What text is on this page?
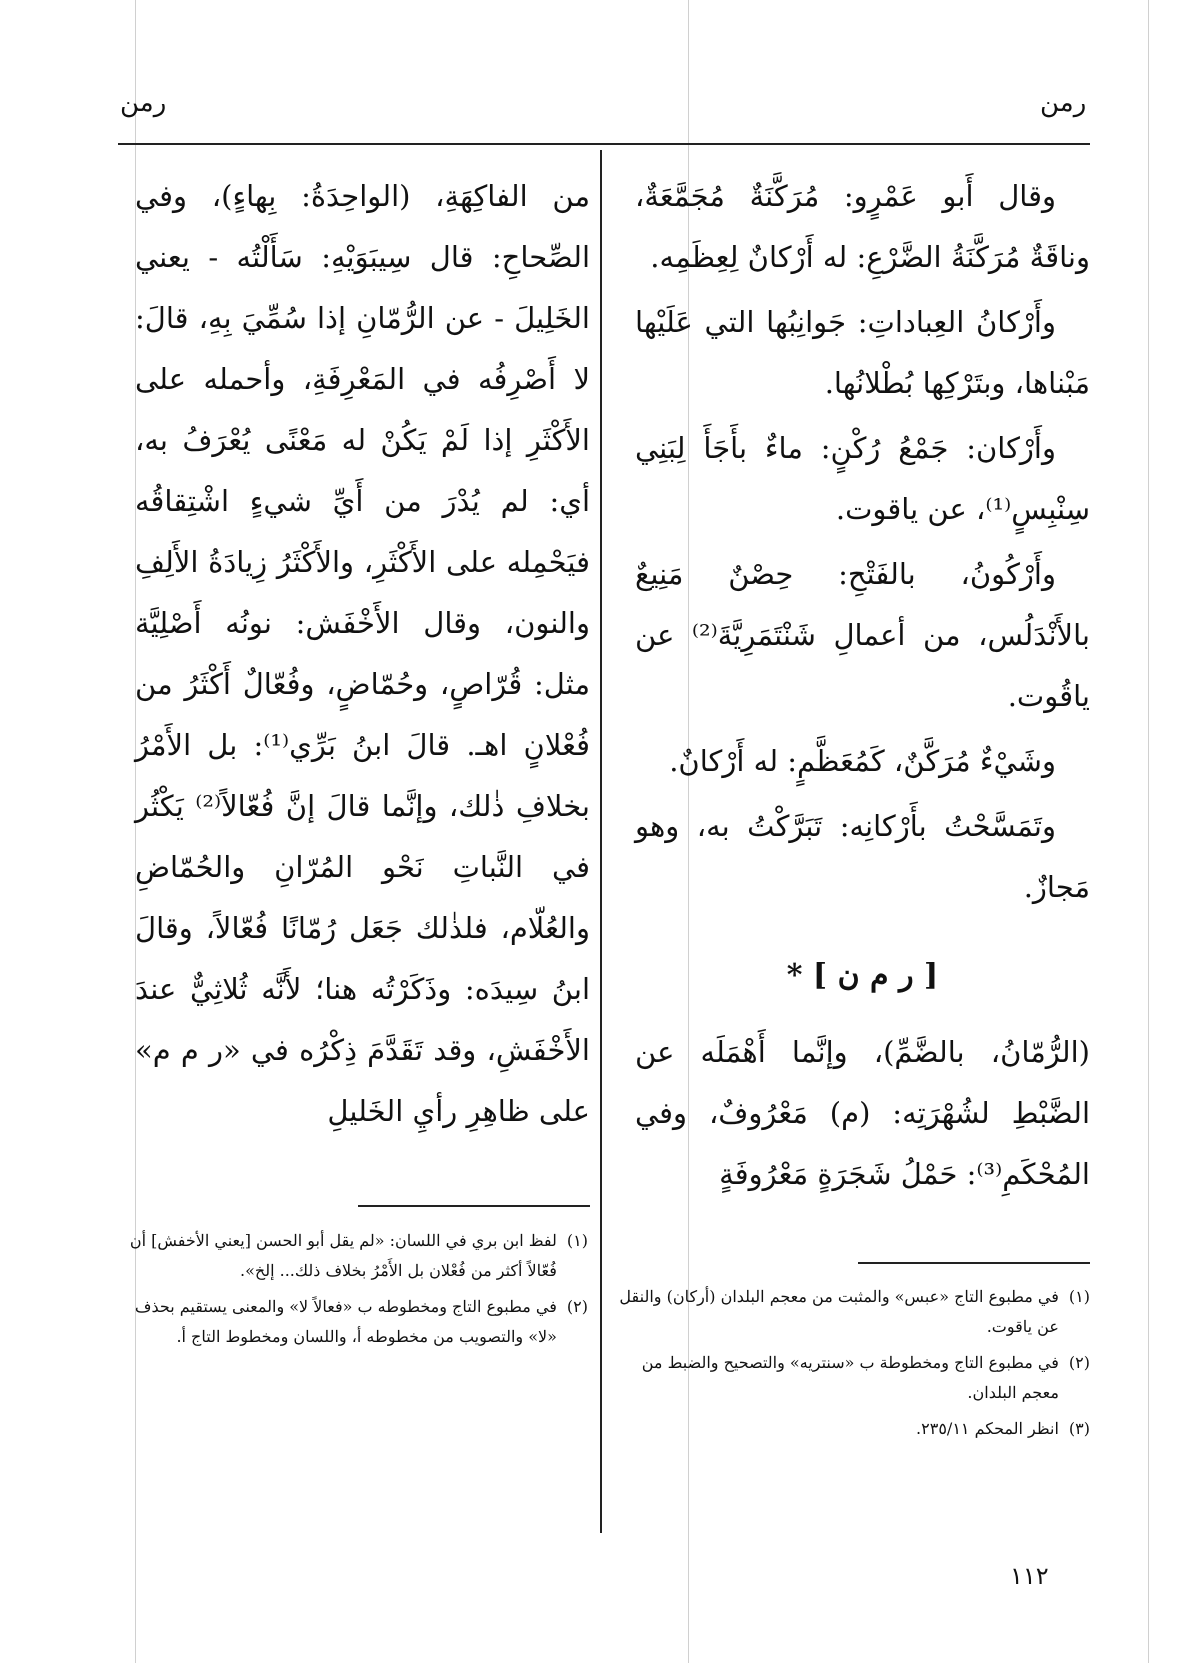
رمن
رمن

وقال أَبو عَمْرٍو: مُرَكَّنَةٌ مُجَمَّعَةٌ، وناقَةٌ مُرَكَّنَةُ الضَّرْعِ: له أَرْكانٌ لِعِظَمِه.

وأَرْكانُ العِباداتِ: جَوانِبُها التي عَلَيْها مَبْناها، وبتَرْكِها بُطْلانُها.

وأَرْكان: جَمْعُ رُكْنٍ: ماءٌ بأَجَأَ لِبَنِي سِنْبِسٍ⁽¹⁾، عن ياقوت.

وأَرْكُونُ، بالفَتْحِ: حِصْنٌ مَنِيعٌ بالأَنْدَلُس، من أعمالِ شَنْتَمَرِيَّةَ⁽²⁾ عن ياقُوت.

وشَيْءٌ مُرَكَّنٌ، كَمُعَظَّمٍ: له أَرْكانٌ.

وتَمَسَّحْتُ بأَرْكانِه: تَبَرَّكْتُ به، وهو مَجازٌ.

[ ر م ن ] *

(الرُّمّانُ، بالضَّمِّ)، وإنَّما أَهْمَلَه عن الضَّبْطِ لشُهْرَتِه: (م) مَعْرُوفٌ، وفي المُحْكَمِ⁽³⁾: حَمْلُ شَجَرَةٍ مَعْرُوفَةٍ

من الفاكِهَةِ، (الواحِدَةُ: بِهاءٍ)، وفي الصِّحاحِ: قال سِيبَوَيْهِ: سَأَلْتُه - يعني الخَلِيلَ - عن الرُّمّانِ إذا سُمِّيَ بِهِ، قالَ: لا أَصْرِفُه في المَعْرِفَةِ، وأحمله على الأَكْثَرِ إذا لَمْ يَكُنْ له مَعْنًى يُعْرَفُ به، أي: لم يُدْرَ من أَيِّ شيءٍ اشْتِقاقُه فيَحْمِله على الأَكْثَرِ، والأَكْثَرُ زِيادَةُ الأَلِفِ والنون، وقال الأَخْفَش: نونُه أَصْلِيَّة مثل: قُرّاصٍ، وحُمّاضٍ، وفُعّالٌ أَكْثَرُ من فُعْلانٍ اهـ. قالَ ابنُ بَرِّي⁽¹⁾: بل الأَمْرُ بخلافِ ذٰلك، وإنَّما قالَ إنَّ فُعّالاً⁽²⁾ يَكْثُر في النَّباتِ نَحْو المُرّانِ والحُمّاضِ والعُلّام، فلذٰلك جَعَل رُمّانًا فُعّالاً، وقالَ ابنُ سِيدَه: وذَكَرْتُه هنا؛ لأَنَّه ثُلاثِيٌّ عندَ الأَخْفَشِ، وقد تَقَدَّمَ ذِكْرُه في «ر م م» على ظاهِرِ رأيِ الخَليلِ

(١)
في مطبوع التاج «عبس» والمثبت من معجم البلدان (أركان) والنقل عن ياقوت.
(٢)
في مطبوع التاج ومخطوطة ب «سنتريه» والتصحيح والضبط من معجم البلدان.
(٣)
انظر المحكم ٢٣٥/١١.
(١)
لفظ ابن بري في اللسان: «لم يقل أبو الحسن [يعني الأخفش] أن فُعّالاً أكثر من فُعْلان بل الأَمْرُ بخلاف ذلك... إلخ».
(٢)
في مطبوع التاج ومخطوطه ب «فعالاً لا» والمعنى يستقيم بحذف «لا» والتصويب من مخطوطه أ، واللسان ومخطوط التاج أ.
١١٢
